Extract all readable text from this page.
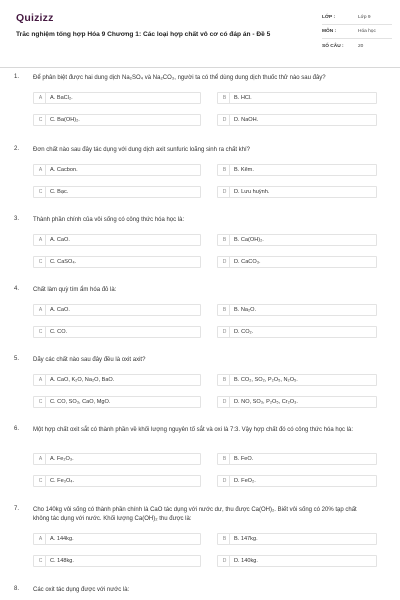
Quizizz
Trắc nghiệm tổng hợp Hóa 9 Chương 1: Các loại hợp chất vô cơ có đáp án - Đề 5
LỚP :	Lớp 9
MÔN :	Hóa học
SỐ CÂU :	20
1. Để phân biệt được hai dung dịch Na₂SO₄ và Na₂CO₃, người ta có thể dùng dung dịch thuốc thử nào sau đây?
A	A. BaCl₂.	B	B. HCl.
C	C. Ba(OH)₂.	D	D. NaOH.
2. Đơn chất nào sau đây tác dụng với dung dịch axit sunfuric loãng sinh ra chất khí?
A	A. Cacbon.	B	B. Kẽm.
C	C. Bạc.	D	D. Lưu huỳnh.
3. Thành phần chính của vôi sống có công thức hóa học là:
A	A. CaO.	B	B. Ca(OH)₂.
C	C. CaSO₄.	D	D. CaCO₃.
4. Chất làm quỳ tím ẩm hóa đỏ là:
A	A. CaO.	B	B. Na₂O.
C	C. CO.	D	D. CO₂.
5. Dãy các chất nào sau đây đều là oxit axit?
A	A. CaO, K₂O, Na₂O, BaO.	B	B. CO₂, SO₂, P₂O₅, N₂O₅.
C	C. CO, SO₃, CaO, MgO.	D	D. NO, SO₃, P₂O₅, Cr₂O₃.
6. Một hợp chất oxit sắt có thành phần về khối lượng nguyên tố sắt và oxi là 7:3. Vậy hợp chất đó có công thức hóa học là:
A	A. Fe₂O₃.	B	B. FeO.
C	C. Fe₃O₄.	D	D. FeO₂.
7. Cho 140kg vôi sống có thành phần chính là CaO tác dụng với nước dư, thu được Ca(OH)₂. Biết vôi sống có 20% tạp chất không tác dụng với nước. Khối lượng Ca(OH)₂ thu được là:
A	A. 144kg.	B	B. 147kg.
C	C. 148kg.	D	D. 140kg.
8. Các oxit tác dụng được với nước là:
